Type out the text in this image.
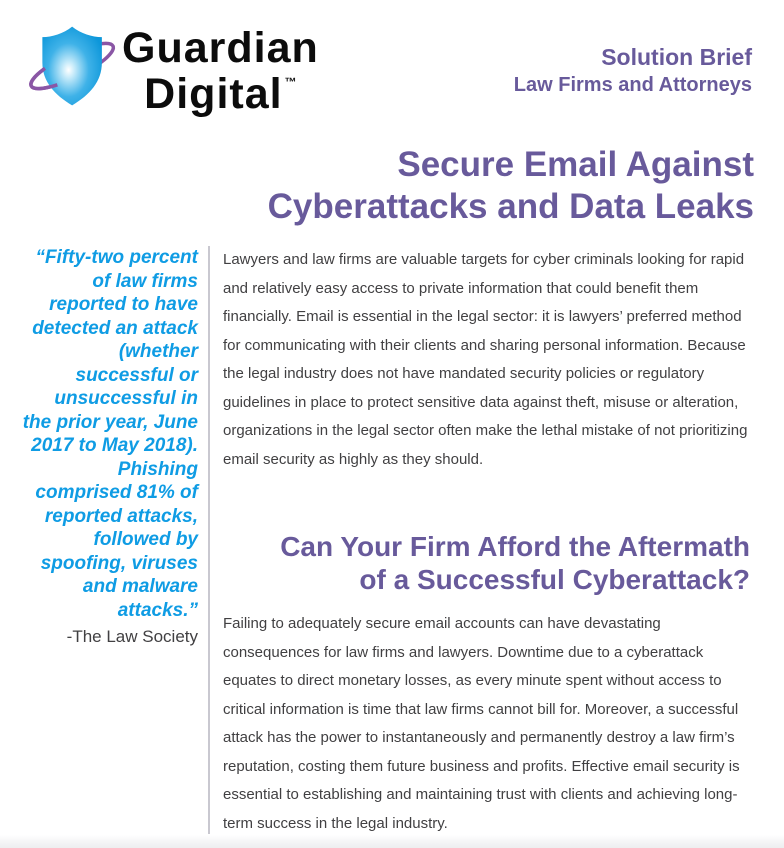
Guardian
Digital ™
Solution Brief
Law Firms and Attorneys
Secure Email Against
Cyberattacks and Data Leaks

“Fifty-two percent of law firms reported to have detected an attack (whether successful or unsuccessful in the prior year, June 2017 to May 2018). Phishing comprised 81% of reported attacks, followed by spoofing, viruses and malware attacks.”

-The Law Society

Lawyers and law firms are valuable targets for cyber criminals looking for rapid and relatively easy access to private information that could benefit them financially. Email is essential in the legal sector: it is lawyers’ preferred method for communicating with their clients and sharing personal information. Because the legal industry does not have mandated security policies or regulatory guidelines in place to protect sensitive data against theft, misuse or alteration, organizations in the legal sector often make the lethal mistake of not prioritizing email security as highly as they should.

Can Your Firm Afford the Aftermath
of a Successful Cyberattack?

Failing to adequately secure email accounts can have devastating consequences for law firms and lawyers. Downtime due to a cyberattack equates to direct monetary losses, as every minute spent without access to critical information is time that law firms cannot bill for. Moreover, a successful attack has the power to instantaneously and permanently destroy a law firm’s reputation, costing them future business and profits. Effective email security is essential to establishing and maintaining trust with clients and achieving long-term success in the legal industry.
